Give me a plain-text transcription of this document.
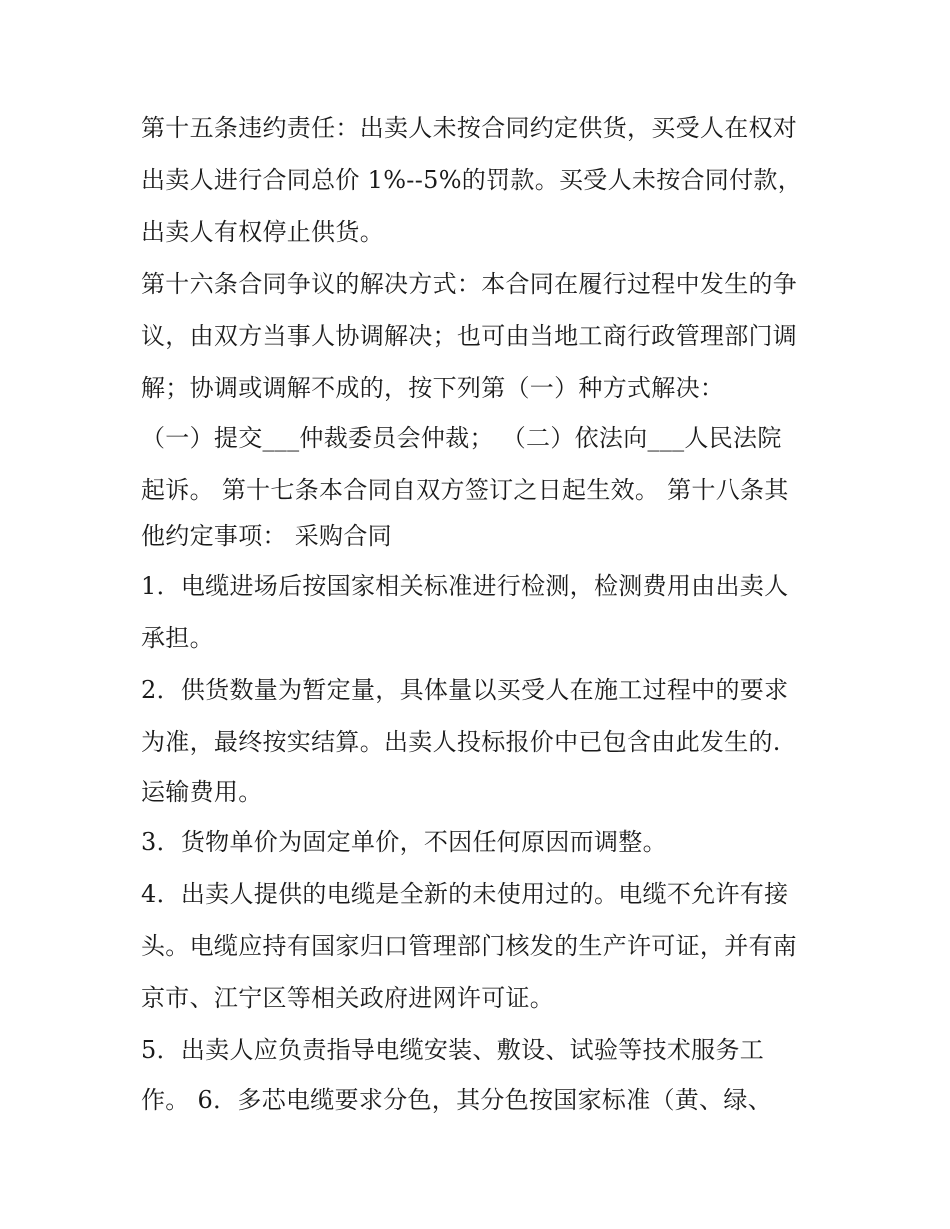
第十五条违约责任：出卖人未按合同约定供货，买受人在权对
出卖人进行合同总价 1%--5%的罚款。买受人未按合同付款，
出卖人有权停止供货。
第十六条合同争议的解决方式：本合同在履行过程中发生的争
议，由双方当事人协调解决；也可由当地工商行政管理部门调
解；协调或调解不成的，按下列第（一）种方式解决：
（一）提交___仲裁委员会仲裁； （二）依法向___人民法院
起诉。 第十七条本合同自双方签订之日起生效。 第十八条其
他约定事项： 采购合同
1．电缆进场后按国家相关标准进行检测，检测费用由出卖人
承担。
2．供货数量为暂定量，具体量以买受人在施工过程中的要求
为准，最终按实结算。出卖人投标报价中已包含由此发生的.
运输费用。
3．货物单价为固定单价，不因任何原因而调整。
4．出卖人提供的电缆是全新的未使用过的。电缆不允许有接
头。电缆应持有国家归口管理部门核发的生产许可证，并有南
京市、江宁区等相关政府进网许可证。
5．出卖人应负责指导电缆安装、敷设、试验等技术服务工
作。 6．多芯电缆要求分色，其分色按国家标准（黄、绿、
